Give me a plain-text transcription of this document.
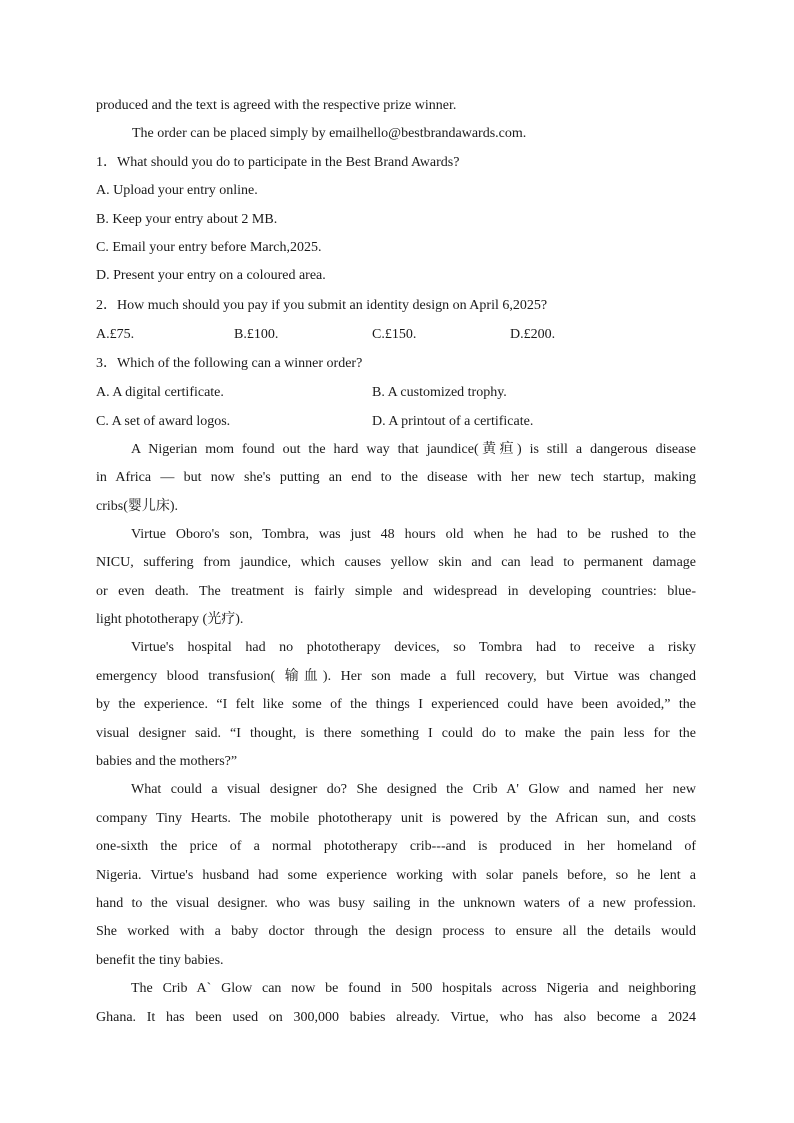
produced and the text is agreed with the respective prize winner.
The order can be placed simply by emailhello@bestbrandawards.com.
1．What should you do to participate in the Best Brand Awards?
A. Upload your entry online.
B. Keep your entry about 2 MB.
C. Email your entry before March,2025.
D. Present your entry on a coloured area.
2．How much should you pay if you submit an identity design on April 6,2025?
A.£75.	B.£100.	C.£150.	D.£200.
3．Which of the following can a winner order?
A. A digital certificate.	B. A customized trophy.
C. A set of award logos.	D. A printout of a certificate.
A Nigerian mom found out the hard way that jaundice(黄疸) is still a dangerous disease
in Africa — but now she's putting an end to the disease with her new tech startup, making
cribs(婴儿床).
Virtue Oboro's son, Tombra, was just 48 hours old when he had to be rushed to the
NICU, suffering from jaundice, which causes yellow skin and can lead to permanent damage
or even death. The treatment is fairly simple and widespread in developing countries: blue-
light phototherapy (光疗).
Virtue's hospital had no phototherapy devices, so Tombra had to receive a risky
emergency blood transfusion( 输血). Her son made a full recovery, but Virtue was changed
by the experience. “I felt like some of the things I experienced could have been avoided,” the
visual designer said. “I thought, is there something I could do to make the pain less for the
babies and the mothers?”
What could a visual designer do? She designed the Crib A' Glow and named her new
company Tiny Hearts. The mobile phototherapy unit is powered by the African sun, and costs
one-sixth the price of a normal phototherapy crib---and is produced in her homeland of
Nigeria. Virtue's husband had some experience working with solar panels before, so he lent a
hand to the visual designer. who was busy sailing in the unknown waters of a new profession.
She worked with a baby doctor through the design process to ensure all the details would
benefit the tiny babies.
The Crib A` Glow can now be found in 500 hospitals across Nigeria and neighboring
Ghana. It has been used on 300,000 babies already. Virtue, who has also become a 2024
